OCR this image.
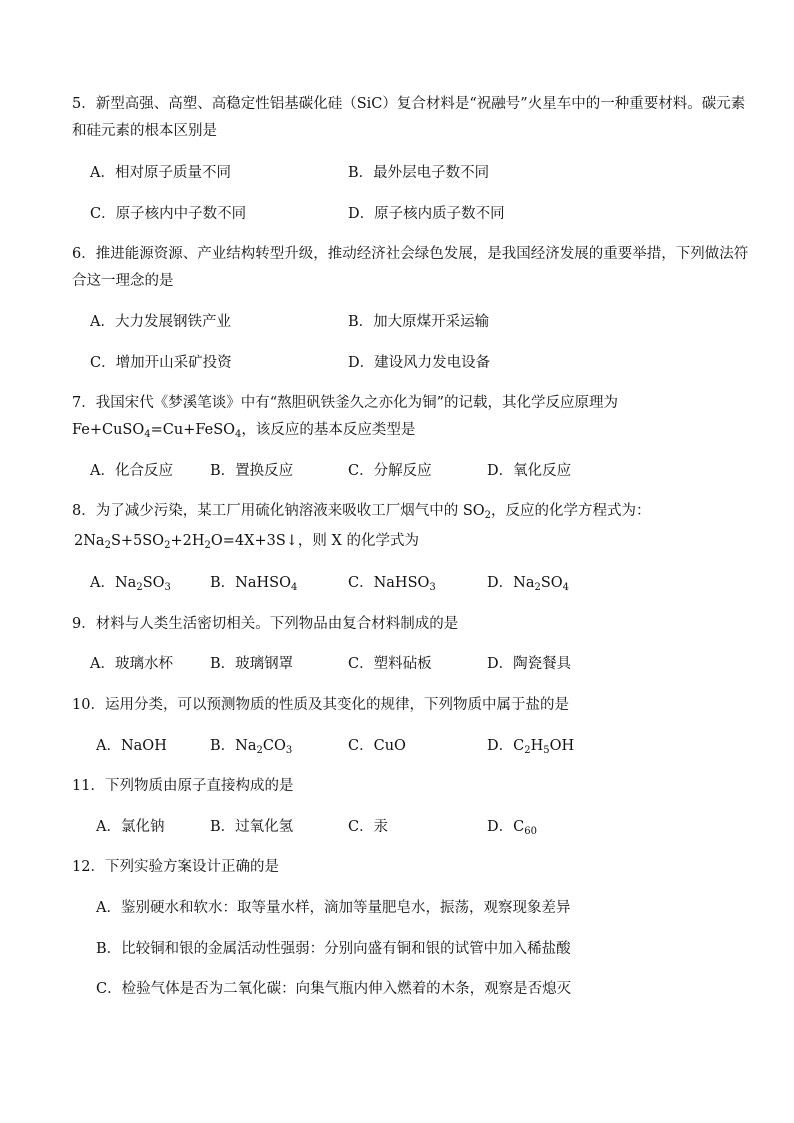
5．新型高强、高塑、高稳定性铝基碳化硅（SiC）复合材料是“祝融号”火星车中的一种重要材料。碳元素
和硅元素的根本区别是
A．相对原子质量不同	B．最外层电子数不同
C．原子核内中子数不同	D．原子核内质子数不同
6．推进能源资源、产业结构转型升级，推动经济社会绿色发展，是我国经济发展的重要举措，下列做法符
合这一理念的是
A．大力发展钢铁产业	B．加大原煤开采运输
C．增加开山采矿投资	D．建设风力发电设备
7．我国宋代《梦溪笔谈》中有“熬胆矾铁釜久之亦化为铜”的记载，其化学反应原理为
Fe+CuSO$_4$=Cu+FeSO$_4$，该反应的基本反应类型是
A．化合反应	B．置换反应	C．分解反应	D．氧化反应
8．为了减少污染，某工厂用硫化钠溶液来吸收工厂烟气中的 $SO_2$，反应的化学方程式为：
$2Na_2S+5SO_2+2H_2O=4X+3S↓$，则 X 的化学式为
A．$Na_2SO_3$	B．NaHSO$_4$	C．NaHSO$_3$	D．$Na_2SO_4$
9．材料与人类生活密切相关。下列物品由复合材料制成的是
A．玻璃水杯	B．玻璃钢罩	C．塑料砧板	D．陶瓷餐具
10．运用分类，可以预测物质的性质及其变化的规律，下列物质中属于盐的是
A．NaOH	B．$Na_2CO_3$	C．CuO	D．$C_2H_5OH$
11．下列物质由原子直接构成的是
A．氯化钠	B．过氧化氢	C．汞	D．$C_{60}$
12．下列实验方案设计正确的是
A．鉴别硬水和软水：取等量水样，滴加等量肥皂水，振荡，观察现象差异
B．比较铜和银的金属活动性强弱：分别向盛有铜和银的试管中加入稀盐酸
C．检验气体是否为二氧化碳：向集气瓶内伸入燃着的木条，观察是否熄灭
